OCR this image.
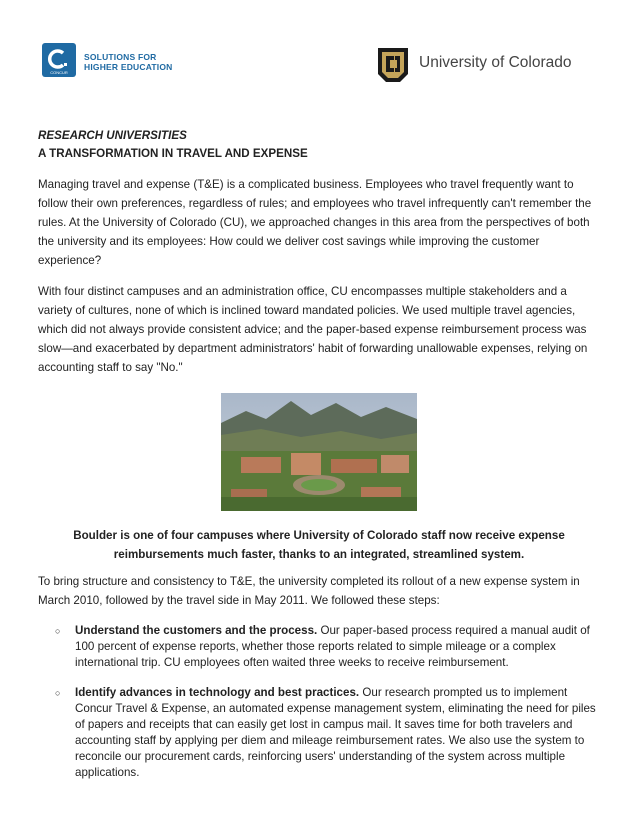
CONCUR
SOLUTIONS FOR
HIGHER EDUCATION	University of Colorado
RESEARCH UNIVERSITIES
A TRANSFORMATION IN TRAVEL AND EXPENSE

Managing travel and expense (T&E) is a complicated business. Employees who travel frequently want to follow their own preferences, regardless of rules; and employees who travel infrequently can't remember the rules. At the University of Colorado (CU), we approached changes in this area from the perspectives of both the university and its employees: How could we deliver cost savings while improving the customer experience?

With four distinct campuses and an administration office, CU encompasses multiple stakeholders and a variety of cultures, none of which is inclined toward mandated policies. We used multiple travel agencies, which did not always provide consistent advice; and the paper-based expense reimbursement process was slow—and exacerbated by department administrators' habit of forwarding unallowable expenses, relying on accounting staff to say "No."

Boulder is one of four campuses where University of Colorado staff now receive expense reimbursements much faster, thanks to an integrated, streamlined system.

To bring structure and consistency to T&E, the university completed its rollout of a new expense system in March 2010, followed by the travel side in May 2011. We followed these steps:

○ Understand the customers and the process. Our paper-based process required a manual audit of 100 percent of expense reports, whether those reports related to simple mileage or a complex international trip. CU employees often waited three weeks to receive reimbursement.
○ Identify advances in technology and best practices. Our research prompted us to implement Concur Travel & Expense, an automated expense management system, eliminating the need for piles of papers and receipts that can easily get lost in campus mail. It saves time for both travelers and accounting staff by applying per diem and mileage reimbursement rates. We also use the system to reconcile our procurement cards, reinforcing users' understanding of the system across multiple applications.
